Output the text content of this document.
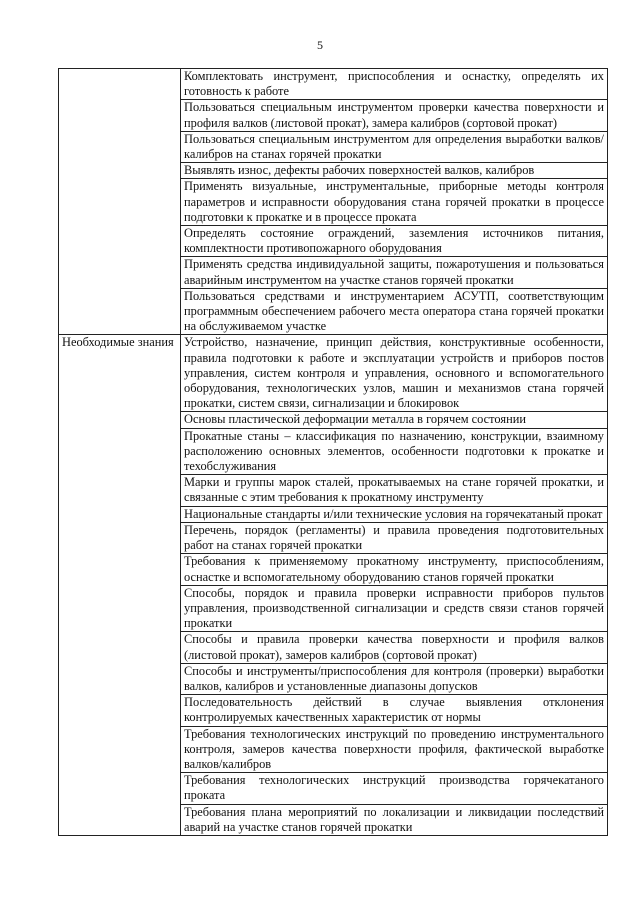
5
	Комплектовать инструмент, приспособления и оснастку, определять их готовность к работе
	Пользоваться специальным инструментом проверки качества поверхности и профиля валков (листовой прокат), замера калибров (сортовой прокат)
	Пользоваться специальным инструментом для определения выработки валков/калибров на станах горячей прокатки
	Выявлять износ, дефекты рабочих поверхностей валков, калибров
	Применять визуальные, инструментальные, приборные методы контроля параметров и исправности оборудования стана горячей прокатки в процессе подготовки к прокатке и в процессе проката
	Определять состояние ограждений, заземления источников питания, комплектности противопожарного оборудования
	Применять средства индивидуальной защиты, пожаротушения и пользоваться аварийным инструментом на участке станов горячей прокатки
	Пользоваться средствами и инструментарием АСУТП, соответствующим программным обеспечением рабочего места оператора стана горячей прокатки на обслуживаемом участке
Необходимые знания	Устройство, назначение, принцип действия, конструктивные особенности, правила подготовки к работе и эксплуатации устройств и приборов постов управления, систем контроля и управления, основного и вспомогательного оборудования, технологических узлов, машин и механизмов стана горячей прокатки, систем связи, сигнализации и блокировок
	Основы пластической деформации металла в горячем состоянии
	Прокатные станы – классификация по назначению, конструкции, взаимному расположению основных элементов, особенности подготовки к прокатке и техобслуживания
	Марки и группы марок сталей, прокатываемых на стане горячей прокатки, и связанные с этим требования к прокатному инструменту
	Национальные стандарты и/или технические условия на горячекатаный прокат
	Перечень, порядок (регламенты) и правила проведения подготовительных работ на станах горячей прокатки
	Требования к применяемому прокатному инструменту, приспособлениям, оснастке и вспомогательному оборудованию станов горячей прокатки
	Способы, порядок и правила проверки исправности приборов пультов управления, производственной сигнализации и средств связи станов горячей прокатки
	Способы и правила проверки качества поверхности и профиля валков (листовой прокат), замеров калибров (сортовой прокат)
	Способы и инструменты/приспособления для контроля (проверки) выработки валков, калибров и установленные диапазоны допусков
	Последовательность действий в случае выявления отклонения контролируемых качественных характеристик от нормы
	Требования технологических инструкций по проведению инструментального контроля, замеров качества поверхности профиля, фактической выработке валков/калибров
	Требования технологических инструкций производства горячекатаного проката
	Требования плана мероприятий по локализации и ликвидации последствий аварий на участке станов горячей прокатки
